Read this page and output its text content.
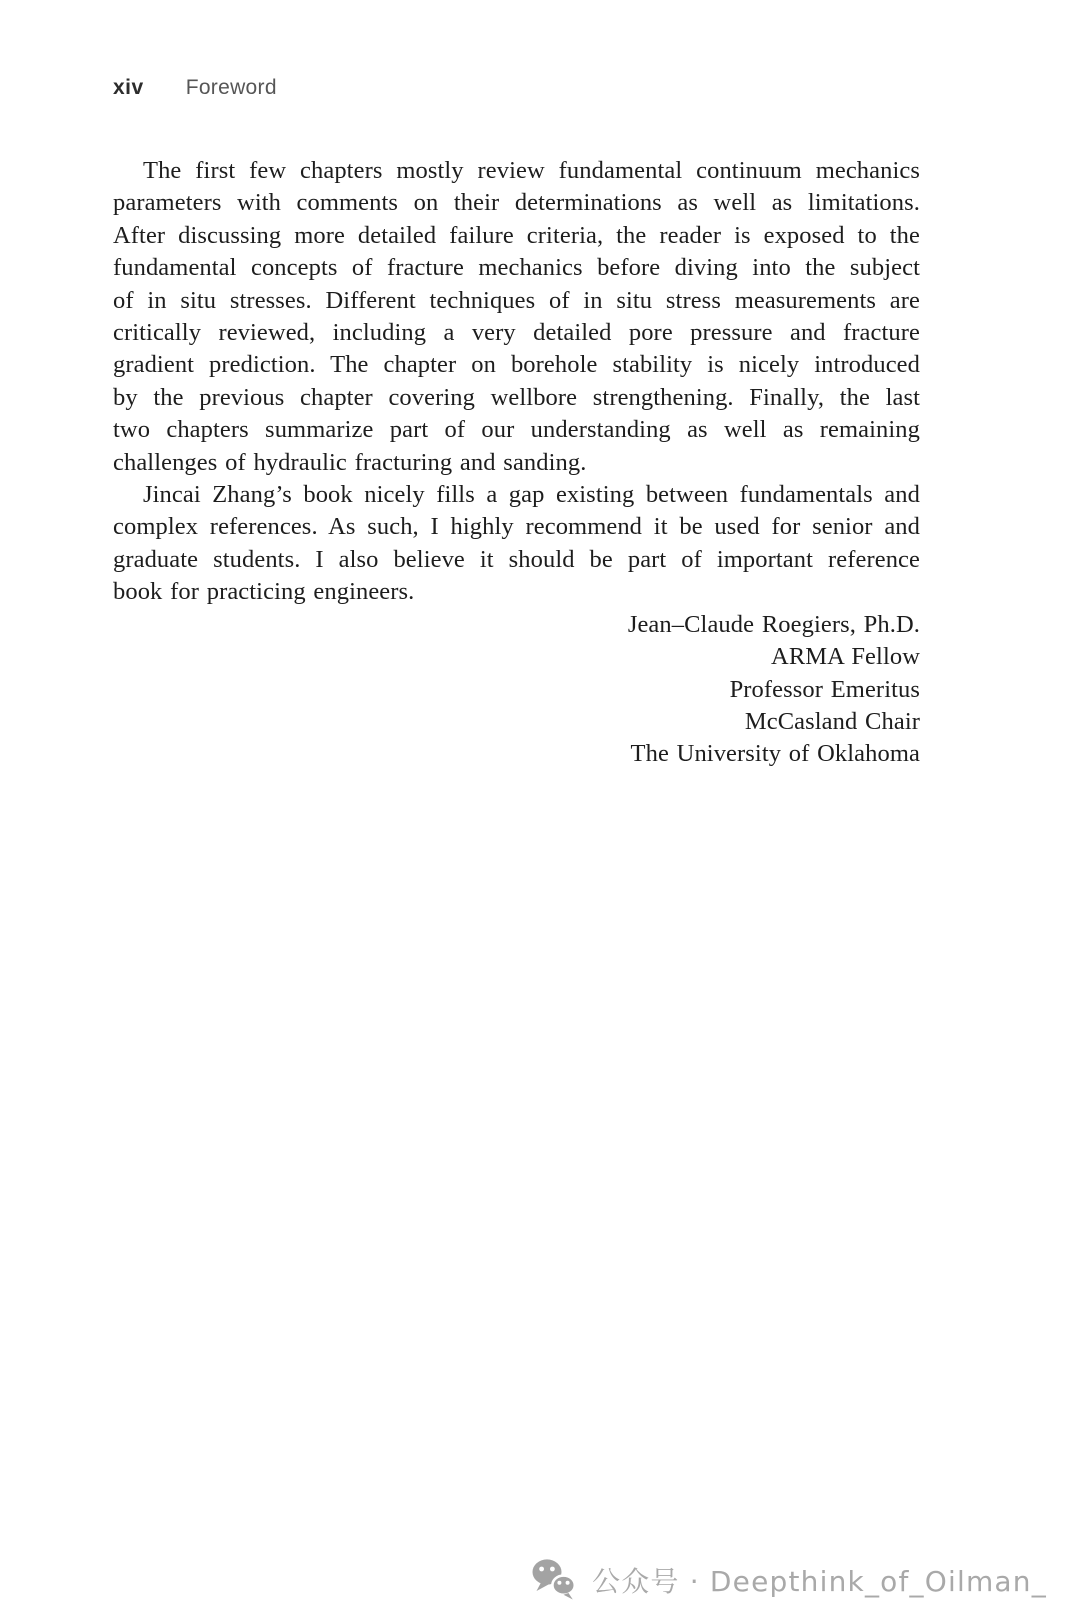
xiv Foreword
The first few chapters mostly review fundamental continuum mechanics
parameters with comments on their determinations as well as limitations.
After discussing more detailed failure criteria, the reader is exposed to the
fundamental concepts of fracture mechanics before diving into the subject
of in situ stresses. Different techniques of in situ stress measurements are
critically reviewed, including a very detailed pore pressure and fracture
gradient prediction. The chapter on borehole stability is nicely introduced
by the previous chapter covering wellbore strengthening. Finally, the last
two chapters summarize part of our understanding as well as remaining
challenges of hydraulic fracturing and sanding.
Jincai Zhang’s book nicely fills a gap existing between fundamentals and
complex references. As such, I highly recommend it be used for senior and
graduate students. I also believe it should be part of important reference
book for practicing engineers.
Jean–Claude Roegiers, Ph.D.
ARMA Fellow
Professor Emeritus
McCasland Chair
The University of Oklahoma
公众号 · Deepthink_of_Oilman_
